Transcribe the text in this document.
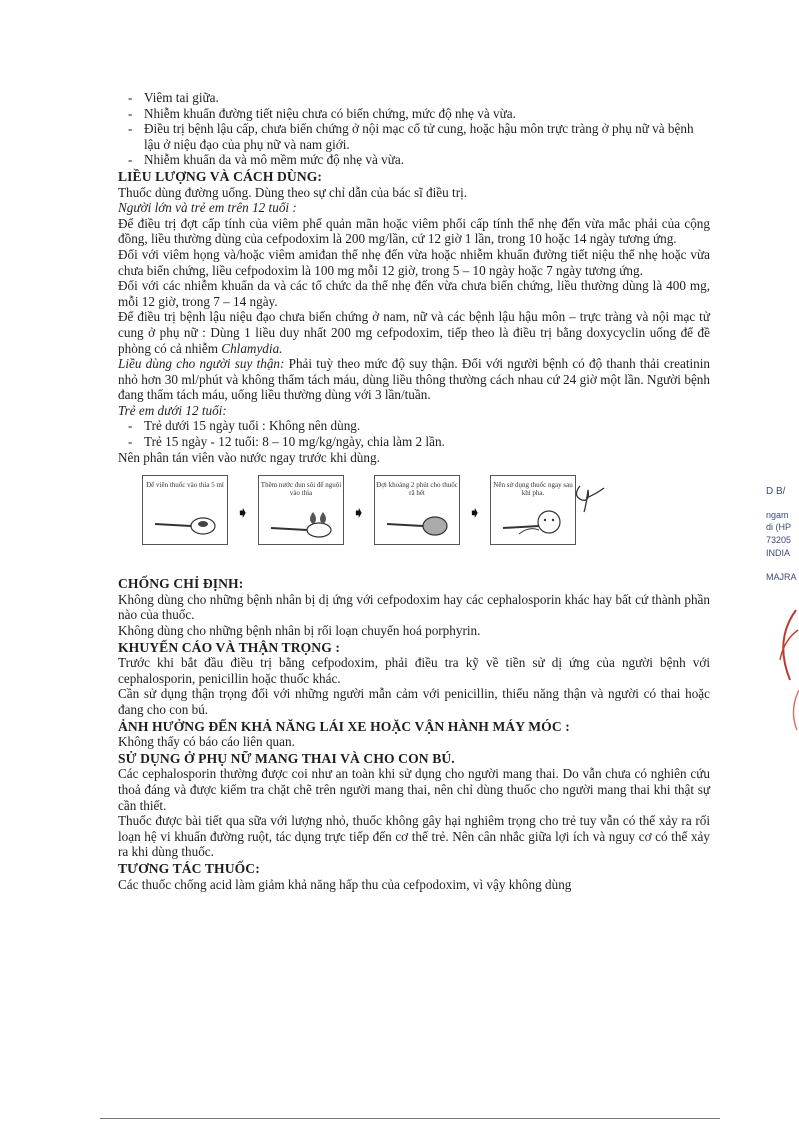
- Viêm tai giữa.
- Nhiễm khuẩn đường tiết niệu chưa có biến chứng, mức độ nhẹ và vừa.
- Điều trị bệnh lậu cấp, chưa biến chứng ở nội mạc cổ tử cung, hoặc hậu môn trực tràng ở phụ nữ và bệnh lậu ở niệu đạo của phụ nữ và nam giới.
- Nhiễm khuẩn da và mô mềm mức độ nhẹ và vừa.
LIỀU LƯỢNG VÀ CÁCH DÙNG:

Thuốc dùng đường uống. Dùng theo sự chỉ dẫn của bác sĩ điều trị.

Người lớn và trẻ em trên 12 tuổi :

Để điều trị đợt cấp tính của viêm phế quản mãn hoặc viêm phổi cấp tính thể nhẹ đến vừa mắc phải của cộng đồng, liều thường dùng của cefpodoxim là 200 mg/lần, cứ 12 giờ 1 lần, trong 10 hoặc 14 ngày tương ứng.

Đối với viêm họng và/hoặc viêm amiđan thể nhẹ đến vừa hoặc nhiễm khuẩn đường tiết niệu thể nhẹ hoặc vừa chưa biến chứng, liều cefpodoxim là 100 mg mỗi 12 giờ, trong 5 – 10 ngày hoặc 7 ngày tương ứng.

Đối với các nhiễm khuẩn da và các tổ chức da thể nhẹ đến vừa chưa biến chứng, liều thường dùng là 400 mg, mỗi 12 giờ, trong 7 – 14 ngày.

Để điều trị bệnh lậu niệu đạo chưa biến chứng ở nam, nữ và các bệnh lậu hậu môn – trực tràng và nội mạc tử cung ở phụ nữ : Dùng 1 liều duy nhất 200 mg cefpodoxim, tiếp theo là điều trị bằng doxycyclin uống để đề phòng có cả nhiễm Chlamydia.

Liều dùng cho người suy thận: Phải tuỳ theo mức độ suy thận. Đối với người bệnh có độ thanh thải creatinin nhỏ hơn 30 ml/phút và không thẩm tách máu, dùng liều thông thường cách nhau cứ 24 giờ một lần. Người bệnh đang thẩm tách máu, uống liều thường dùng với 3 lần/tuần.

Trẻ em dưới 12 tuổi:

- Trẻ dưới 15 ngày tuổi : Không nên dùng.
- Trẻ 15 ngày - 12 tuổi: 8 – 10 mg/kg/ngày, chia làm 2 lần.

Nên phân tán viên vào nước ngay trước khi dùng.

Để viên thuốc vào thìa 5 ml
➧
Thêm nước đun sôi để nguội vào thìa
➧
Đợi khoảng 2 phút cho thuốc rã hết
➧
Nên sử dụng thuốc ngay sau khi pha.
CHỐNG CHỈ ĐỊNH:

Không dùng cho những bệnh nhân bị dị ứng với cefpodoxim hay các cephalosporin khác hay bất cứ thành phần nào của thuốc.

Không dùng cho những bệnh nhân bị rối loạn chuyển hoá porphyrin.

KHUYẾN CÁO VÀ THẬN TRỌNG :

Trước khi bắt đầu điều trị bằng cefpodoxim, phải điều tra kỹ về tiền sử dị ứng của người bệnh với cephalosporin, penicillin hoặc thuốc khác.

Cần sử dụng thận trọng đối với những người mẫn cảm với penicillin, thiểu năng thận và người có thai hoặc đang cho con bú.

ẢNH HƯỞNG ĐẾN KHẢ NĂNG LÁI XE HOẶC VẬN HÀNH MÁY MÓC :

Không thấy có báo cáo liên quan.

SỬ DỤNG Ở PHỤ NỮ MANG THAI VÀ CHO CON BÚ.

Các cephalosporin thường được coi như an toàn khi sử dụng cho người mang thai. Do vẫn chưa có nghiên cứu thoả đáng và được kiểm tra chặt chẽ trên người mang thai, nên chỉ dùng thuốc cho người mang thai khi thật sự cần thiết.

Thuốc được bài tiết qua sữa với lượng nhỏ, thuốc không gây hại nghiêm trọng cho trẻ tuy vẫn có thể xảy ra rối loạn hệ vi khuẩn đường ruột, tác dụng trực tiếp đến cơ thể trẻ. Nên cân nhắc giữa lợi ích và nguy cơ có thể xảy ra khi dùng thuốc.

TƯƠNG TÁC THUỐC:

Các thuốc chống acid làm giảm khả năng hấp thu của cefpodoxim, vì vậy không dùng

D B/
ngam
di (HP
73205
INDIA
MAJRA
